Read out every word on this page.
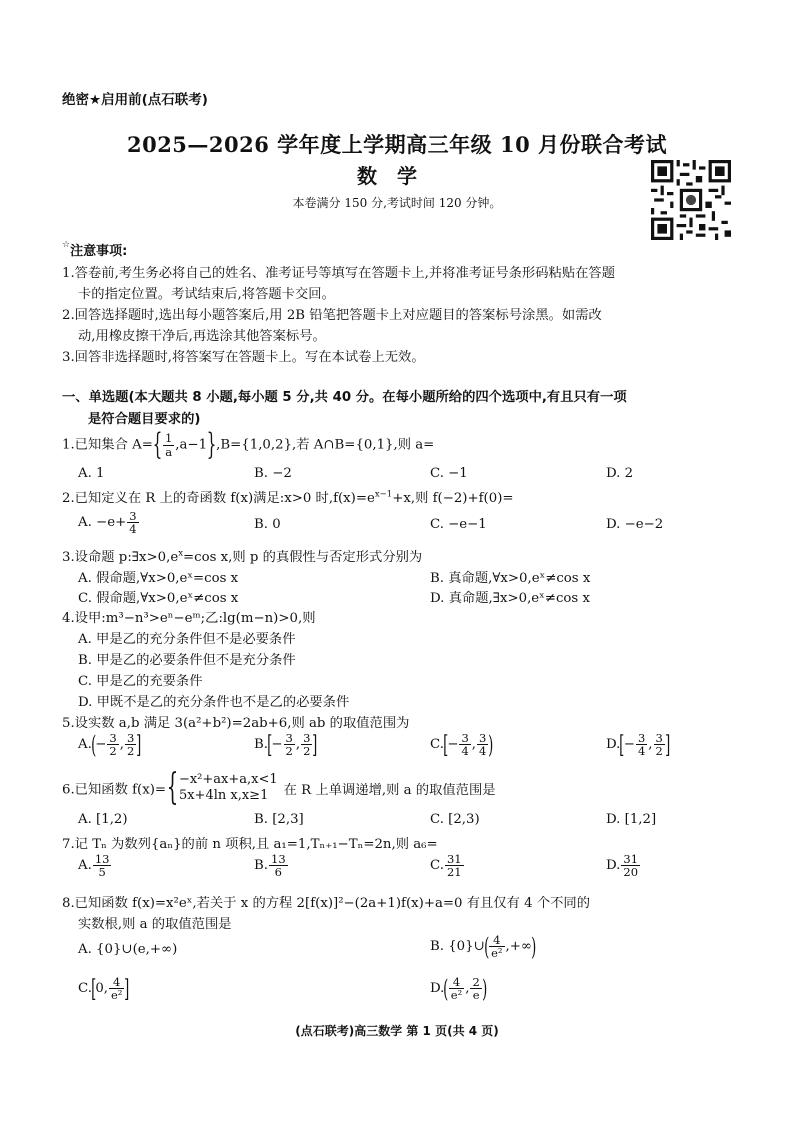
绝密★启用前(点石联考)
2025—2026 学年度上学期高三年级 10 月份联合考试
数学
本卷满分 150 分,考试时间 120 分钟。
☆注意事项:
1.答卷前,考生务必将自己的姓名、准考证号等填写在答题卡上,并将准考证号条形码粘贴在答题
卡的指定位置。考试结束后,将答题卡交回。
2.回答选择题时,选出每小题答案后,用 2B 铅笔把答题卡上对应题目的答案标号涂黑。如需改
动,用橡皮擦干净后,再选涂其他答案标号。
3.回答非选择题时,将答案写在答题卡上。写在本试卷上无效。
一、单选题(本大题共 8 小题,每小题 5 分,共 40 分。在每小题所给的四个选项中,有且只有一项
是符合题目要求的)
1.已知集合 $A=\{ \frac{1}{a} ,a-1\},B=\{1,0,2\}$,若 A∩B={0,1},则 a=
A. 1	B. −2	C. −1	D. 2
2.已知定义在 R 上的奇函数 f(x)满足:x>0 时$,f(x)=e^{x-1}+x$,则 f(−2)+f(0)=
A. $-e+ \frac{3}{4}$	B. 0	C. −e−1	D. −e−2
3.设命题 $p:\exists x>0,e^x=\cos$ x,则 p 的真假性与否定形式分别为
A. 假命题,∀x>0,eˣ=cos x	B. 真命题,∀x>0,eˣ≠cos x
C. 假命题,∀x>0,eˣ≠cos x	D. 真命题,∃x>0,eˣ≠cos x
4.设甲:m³−n³>eⁿ−eᵐ;乙:lg(m−n)>0,则
A. 甲是乙的充分条件但不是必要条件
B. 甲是乙的必要条件但不是充分条件
C. 甲是乙的充要条件
D. 甲既不是乙的充分条件也不是乙的必要条件
5.设实数 a,b 满足 3(a²+b²)=2ab+6,则 ab 的取值范围为
$A.(- \frac{3}{2}$ , $\frac{3}{2}$ ]	$B.[- \frac{3}{2}$ , $\frac{3}{2}$ ]	$C.[- \frac{3}{4}$ , $\frac{3}{4}$ )	$D.[- \frac{3}{4}$ , $\frac{3}{2}$ ]
6.已知函数 f(x)={ −x²+ax+a,x<1
5x+4ln x,x≥1	在 R 上单调递增,则 a 的取值范围是
A. [1,2)	B. [2,3]	C. [2,3)	D. [1,2]
7.记 Tₙ 为数列{aₙ}的前 n 项积,且 a₁=1,Tₙ₊₁−Tₙ=2n,则 a₆=
A. $\frac{13}{5}$	B. $\frac{13}{6}$	C. $\frac{31}{21}$	D. $\frac{31}{20}$
8.已知函数 f(x)=x²eˣ,若关于 x 的方程 2[f(x)]²−(2a+1)f(x)+a=0 有且仅有 4 个不同的
实数根,则 a 的取值范围是
A. {0}∪(e,+∞)	B. {0}∪( $\frac{4}{\text{e²}}$ ,+∞)
C.[0, $\frac{4}{\text{e²}}$ ]	$D.( \frac{4}{\text{e²}}$ , $\frac{2}{e}$ )
(点石联考)高三数学 第 1 页(共 4 页)
